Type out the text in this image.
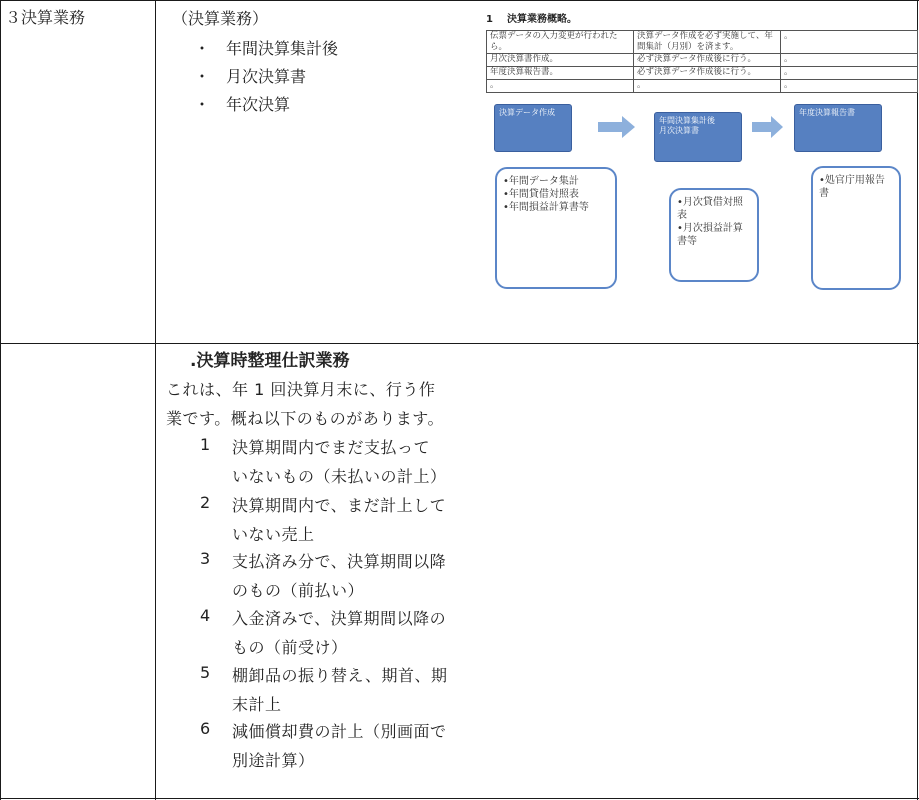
３決算業務	（決算業務）
・ 年間決算集計後
・ 月次決算書
・ 年次決算
1 決算業務概略。
伝票データの入力変更が行われたら。	決算データ作成を必ず実施して、年間集計（月別）を済ます。	。
月次決算書作成。	必ず決算データ作成後に行う。	。
年度決算報告書。	必ず決算データ作成後に行う。	。
。	。	。
決算データ作成
年間決算集計後
月次決算書
年度決算報告書
•年間データ集計
•年間貸借対照表
•年間損益計算書等	•月次貸借対照表
•月次損益計算書等
•処官庁用報告書
.決算時整理仕訳業務
これは、年 1 回決算月末に、行う作
業です。概ね以下のものがあります。
1 決算期間内でまだ支払って
いないもの（未払いの計上）
2 決算期間内で、まだ計上して
いない売上
3 支払済み分で、決算期間以降
のもの（前払い）
4 入金済みで、決算期間以降の
もの（前受け）
5 棚卸品の振り替え、期首、期
末計上
6 減価償却費の計上（別画面で
別途計算）
